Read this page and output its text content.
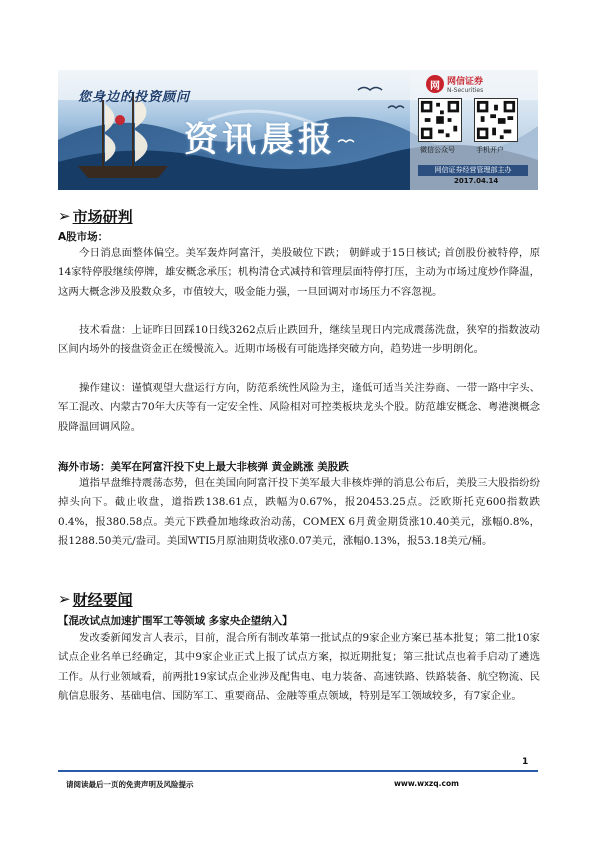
您身边的投资顾问
资讯晨报
网 网信证券
N-Securities
微信公众号	手机开户
网信证券经营管理部主办
2017.04.14
➢ 市场研判
A股市场：

今日消息面整体偏空。美军轰炸阿富汗，美股破位下跌； 朝鲜或于15日核试; 首创股份被特停，原14家特停股继续停牌，雄安概念承压；机构清仓式减持和管理层面特停打压，主动为市场过度炒作降温，这两大概念涉及股数众多，市值较大，吸金能力强，一旦回调对市场压力不容忽视。

技术看盘：上证昨日回踩10日线3262点后止跌回升，继续呈现日内完成震荡洗盘，狭窄的指数波动区间内场外的接盘资金正在缓慢流入。近期市场极有可能选择突破方向，趋势进一步明朗化。

操作建议：谨慎观望大盘运行方向，防范系统性风险为主，逢低可适当关注券商、一带一路中字头、军工混改、内蒙古70年大庆等有一定安全性、风险相对可控类板块龙头个股。防范雄安概念、粤港澳概念股降温回调风险。

海外市场：美军在阿富汗投下史上最大非核弹 黄金跳涨 美股跌

道指早盘维持震荡态势，但在美国向阿富汗投下美军最大非核炸弹的消息公布后，美股三大股指纷纷掉头向下。截止收盘，道指跌138.61点，跌幅为0.67%，报20453.25点。泛欧斯托克600指数跌0.4%，报380.58点。美元下跌叠加地缘政治动荡，COMEX 6月黄金期货涨10.40美元，涨幅0.8%，报1288.50美元/盎司。美国WTI5月原油期货收涨0.07美元，涨幅0.13%，报53.18美元/桶。

➢ 财经要闻
【混改试点加速扩围军工等领域 多家央企望纳入】

发改委新闻发言人表示，目前，混合所有制改革第一批试点的9家企业方案已基本批复；第二批10家试点企业名单已经确定，其中9家企业正式上报了试点方案，拟近期批复；第三批试点也着手启动了遴选工作。从行业领域看，前两批19家试点企业涉及配售电、电力装备、高速铁路、铁路装备、航空物流、民航信息服务、基础电信、国防军工、重要商品、金融等重点领域，特别是军工领域较多，有7家企业。

1
请阅读最后一页的免责声明及风险提示	www.wxzq.com
